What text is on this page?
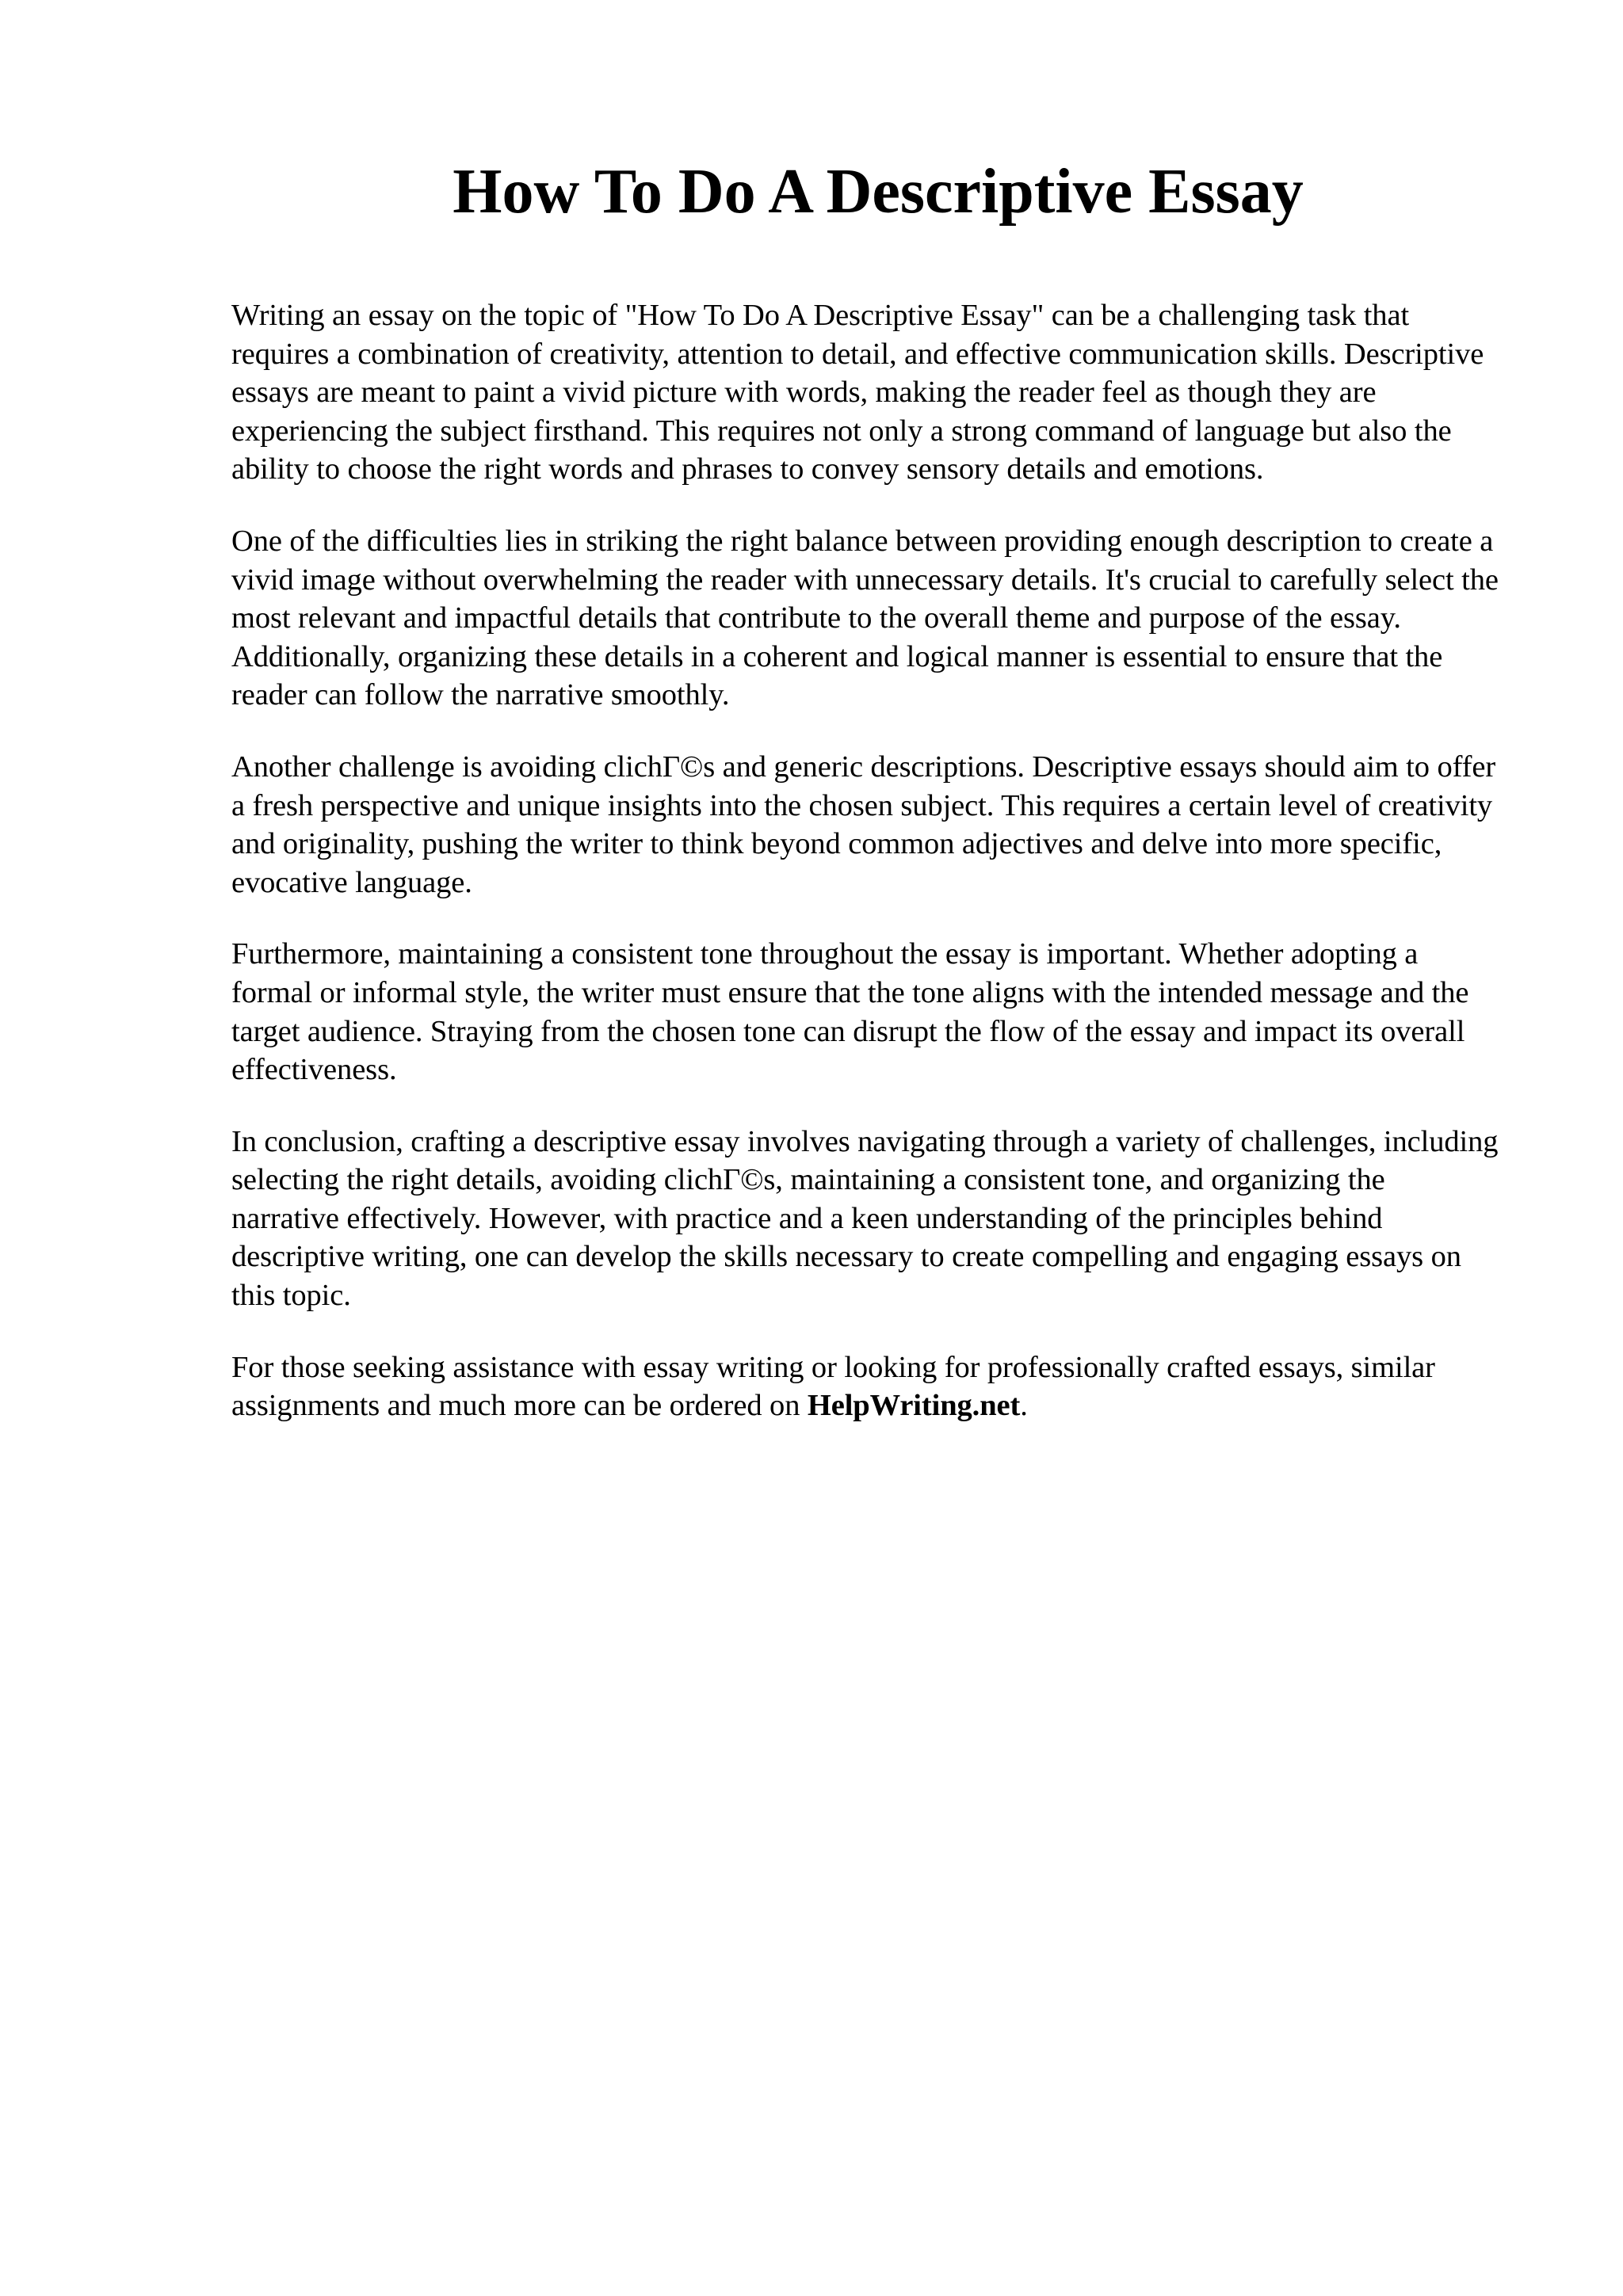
How To Do A Descriptive Essay

Writing an essay on the topic of "How To Do A Descriptive Essay" can be a challenging task that requires a combination of creativity, attention to detail, and effective communication skills. Descriptive essays are meant to paint a vivid picture with words, making the reader feel as though they are experiencing the subject firsthand. This requires not only a strong command of language but also the ability to choose the right words and phrases to convey sensory details and emotions.

One of the difficulties lies in striking the right balance between providing enough description to create a vivid image without overwhelming the reader with unnecessary details. It's crucial to carefully select the most relevant and impactful details that contribute to the overall theme and purpose of the essay. Additionally, organizing these details in a coherent and logical manner is essential to ensure that the reader can follow the narrative smoothly.

Another challenge is avoiding clichΓ©s and generic descriptions. Descriptive essays should aim to offer a fresh perspective and unique insights into the chosen subject. This requires a certain level of creativity and originality, pushing the writer to think beyond common adjectives and delve into more specific, evocative language.

Furthermore, maintaining a consistent tone throughout the essay is important. Whether adopting a formal or informal style, the writer must ensure that the tone aligns with the intended message and the target audience. Straying from the chosen tone can disrupt the flow of the essay and impact its overall effectiveness.

In conclusion, crafting a descriptive essay involves navigating through a variety of challenges, including selecting the right details, avoiding clichΓ©s, maintaining a consistent tone, and organizing the narrative effectively. However, with practice and a keen understanding of the principles behind descriptive writing, one can develop the skills necessary to create compelling and engaging essays on this topic.

For those seeking assistance with essay writing or looking for professionally crafted essays, similar assignments and much more can be ordered on HelpWriting.net.
